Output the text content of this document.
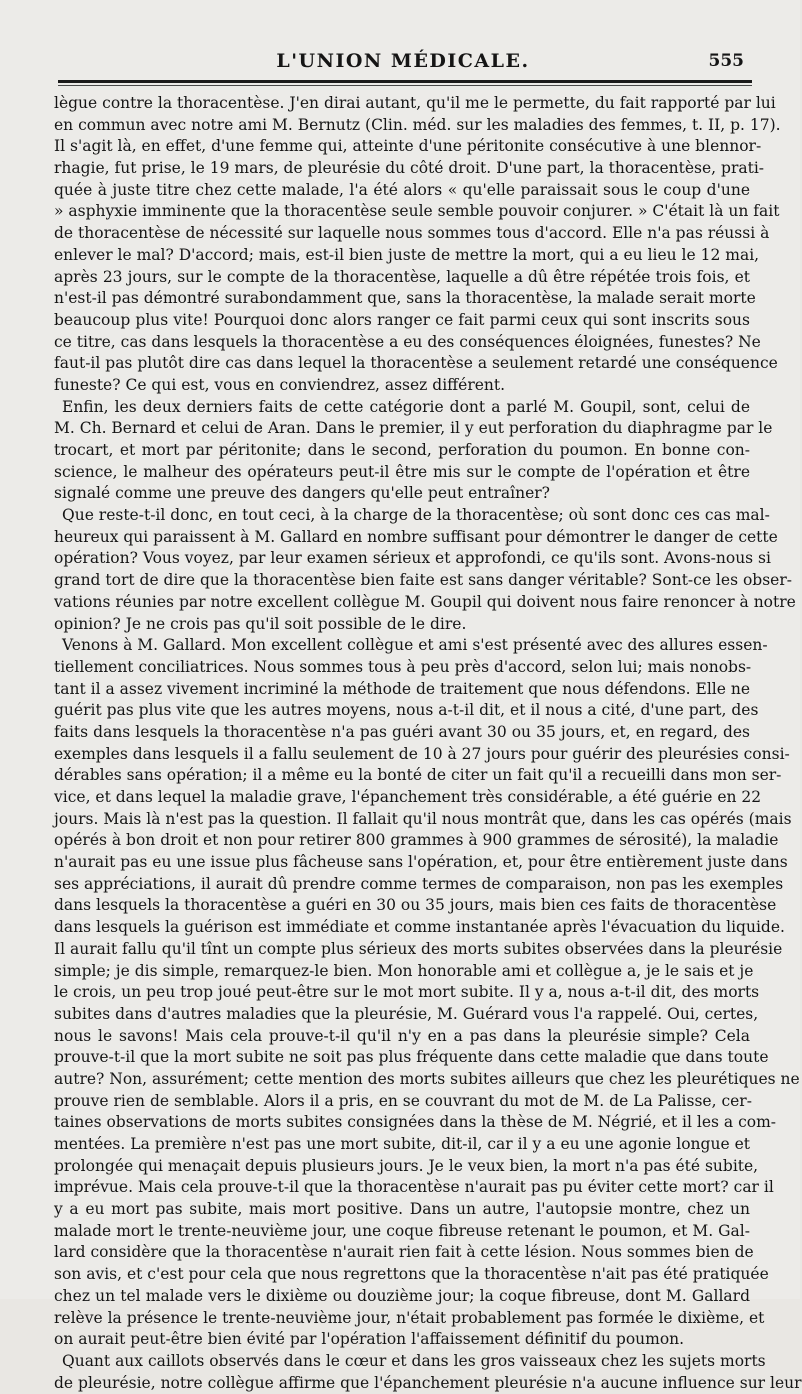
L'UNION MÉDICALE.	555
lègue contre la thoracentèse. J'en dirai autant, qu'il me le permette, du fait rapporté par lui
en commun avec notre ami M. Bernutz (Clin. méd. sur les maladies des femmes, t. II, p. 17).
Il s'agit là, en effet, d'une femme qui, atteinte d'une péritonite consécutive à une blennor-
rhagie, fut prise, le 19 mars, de pleurésie du côté droit. D'une part, la thoracentèse, prati-
quée à juste titre chez cette malade, l'a été alors « qu'elle paraissait sous le coup d'une
» asphyxie imminente que la thoracentèse seule semble pouvoir conjurer. » C'était là un fait
de thoracentèse de nécessité sur laquelle nous sommes tous d'accord. Elle n'a pas réussi à
enlever le mal? D'accord; mais, est-il bien juste de mettre la mort, qui a eu lieu le 12 mai,
après 23 jours, sur le compte de la thoracentèse, laquelle a dû être répétée trois fois, et
n'est-il pas démontré surabondamment que, sans la thoracentèse, la malade serait morte
beaucoup plus vite! Pourquoi donc alors ranger ce fait parmi ceux qui sont inscrits sous
ce titre, cas dans lesquels la thoracentèse a eu des conséquences éloignées, funestes? Ne
faut-il pas plutôt dire cas dans lequel la thoracentèse a seulement retardé une conséquence
funeste? Ce qui est, vous en conviendrez, assez différent.
Enfin, les deux derniers faits de cette catégorie dont a parlé M. Goupil, sont, celui de
M. Ch. Bernard et celui de Aran. Dans le premier, il y eut perforation du diaphragme par le
trocart, et mort par péritonite; dans le second, perforation du poumon. En bonne con-
science, le malheur des opérateurs peut-il être mis sur le compte de l'opération et être
signalé comme une preuve des dangers qu'elle peut entraîner?
Que reste-t-il donc, en tout ceci, à la charge de la thoracentèse; où sont donc ces cas mal-
heureux qui paraissent à M. Gallard en nombre suffisant pour démontrer le danger de cette
opération? Vous voyez, par leur examen sérieux et approfondi, ce qu'ils sont. Avons-nous si
grand tort de dire que la thoracentèse bien faite est sans danger véritable? Sont-ce les obser-
vations réunies par notre excellent collègue M. Goupil qui doivent nous faire renoncer à notre
opinion? Je ne crois pas qu'il soit possible de le dire.
Venons à M. Gallard. Mon excellent collègue et ami s'est présenté avec des allures essen-
tiellement conciliatrices. Nous sommes tous à peu près d'accord, selon lui; mais nonobs-
tant il a assez vivement incriminé la méthode de traitement que nous défendons. Elle ne
guérit pas plus vite que les autres moyens, nous a-t-il dit, et il nous a cité, d'une part, des
faits dans lesquels la thoracentèse n'a pas guéri avant 30 ou 35 jours, et, en regard, des
exemples dans lesquels il a fallu seulement de 10 à 27 jours pour guérir des pleurésies consi-
dérables sans opération; il a même eu la bonté de citer un fait qu'il a recueilli dans mon ser-
vice, et dans lequel la maladie grave, l'épanchement très considérable, a été guérie en 22
jours. Mais là n'est pas la question. Il fallait qu'il nous montrât que, dans les cas opérés (mais
opérés à bon droit et non pour retirer 800 grammes à 900 grammes de sérosité), la maladie
n'aurait pas eu une issue plus fâcheuse sans l'opération, et, pour être entièrement juste dans
ses appréciations, il aurait dû prendre comme termes de comparaison, non pas les exemples
dans lesquels la thoracentèse a guéri en 30 ou 35 jours, mais bien ces faits de thoracentèse
dans lesquels la guérison est immédiate et comme instantanée après l'évacuation du liquide.
Il aurait fallu qu'il tînt un compte plus sérieux des morts subites observées dans la pleurésie
simple; je dis simple, remarquez-le bien. Mon honorable ami et collègue a, je le sais et je
le crois, un peu trop joué peut-être sur le mot mort subite. Il y a, nous a-t-il dit, des morts
subites dans d'autres maladies que la pleurésie, M. Guérard vous l'a rappelé. Oui, certes,
nous le savons! Mais cela prouve-t-il qu'il n'y en a pas dans la pleurésie simple? Cela
prouve-t-il que la mort subite ne soit pas plus fréquente dans cette maladie que dans toute
autre? Non, assurément; cette mention des morts subites ailleurs que chez les pleurétiques ne
prouve rien de semblable. Alors il a pris, en se couvrant du mot de M. de La Palisse, cer-
taines observations de morts subites consignées dans la thèse de M. Négrié, et il les a com-
mentées. La première n'est pas une mort subite, dit-il, car il y a eu une agonie longue et
prolongée qui menaçait depuis plusieurs jours. Je le veux bien, la mort n'a pas été subite,
imprévue. Mais cela prouve-t-il que la thoracentèse n'aurait pas pu éviter cette mort? car il
y a eu mort pas subite, mais mort positive. Dans un autre, l'autopsie montre, chez un
malade mort le trente-neuvième jour, une coque fibreuse retenant le poumon, et M. Gal-
lard considère que la thoracentèse n'aurait rien fait à cette lésion. Nous sommes bien de
son avis, et c'est pour cela que nous regrettons que la thoracentèse n'ait pas été pratiquée
chez un tel malade vers le dixième ou douzième jour; la coque fibreuse, dont M. Gallard
relève la présence le trente-neuvième jour, n'était probablement pas formée le dixième, et
on aurait peut-être bien évité par l'opération l'affaissement définitif du poumon.
Quant aux caillots observés dans le cœur et dans les gros vaisseaux chez les sujets morts
de pleurésie, notre collègue affirme que l'épanchement pleurésie n'a aucune influence sur leur
